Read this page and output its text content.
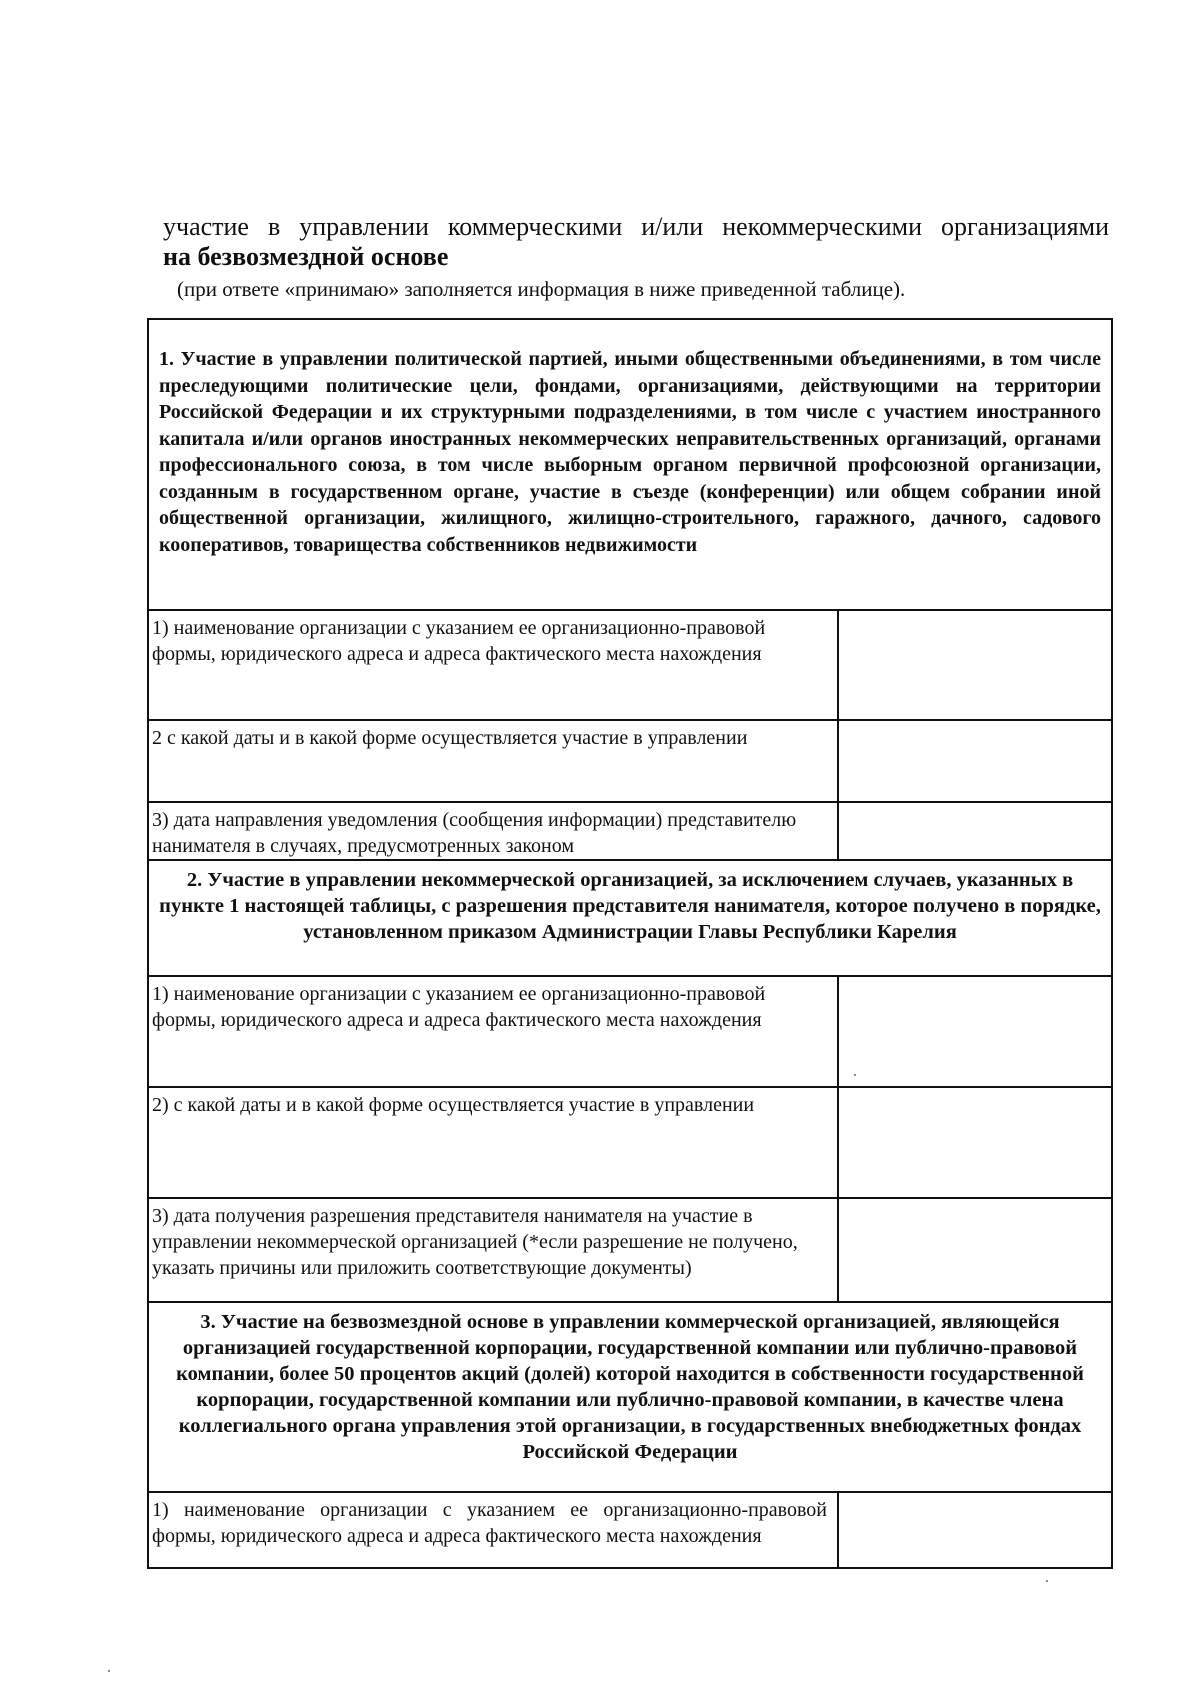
участие в управлении коммерческими и/или некоммерческими организациями
на безвозмездной основе
(при ответе «принимаю» заполняется информация в ниже приведенной таблице).
1. Участие в управлении политической партией, иными общественными объединениями, в том числе преследующими политические цели, фондами, организациями, действующими на территории Российской Федерации и их структурными подразделениями, в том числе с участием иностранного капитала и/или органов иностранных некоммерческих неправительственных организаций, органами профессионального союза, в том числе выборным органом первичной профсоюзной организации, созданным в государственном органе, участие в съезде (конференции) или общем собрании иной общественной организации, жилищного, жилищно-строительного, гаражного, дачного, садового кооперативов, товарищества собственников недвижимости	
1) наименование организации с указанием ее организационно-правовой формы, юридического адреса и адреса фактического места нахождения	
2 с какой даты и в какой форме осуществляется участие в управлении	
3) дата направления уведомления (сообщения информации) представителю нанимателя в случаях, предусмотренных законом	
2. Участие в управлении некоммерческой организацией, за исключением случаев, указанных в пункте 1 настоящей таблицы, с разрешения представителя нанимателя, которое получено в порядке, установленном приказом Администрации Главы Республики Карелия	
1) наименование организации с указанием ее организационно-правовой формы, юридического адреса и адреса фактического места нахождения	
2) с какой даты и в какой форме осуществляется участие в управлении	
3) дата получения разрешения представителя нанимателя на участие в управлении некоммерческой организацией (*если разрешение не получено, указать причины или приложить соответствующие документы)	
3. Участие на безвозмездной основе в управлении коммерческой организацией, являющейся организацией государственной корпорации, государственной компании или публично-правовой компании, более 50 процентов акций (долей) которой находится в собственности государственной корпорации, государственной компании или публично-правовой компании, в качестве члена коллегиального органа управления этой организации, в государственных внебюджетных фондах Российской Федерации	
1) наименование организации с указанием ее организационно-правовой формы, юридического адреса и адреса фактического места нахождения	
